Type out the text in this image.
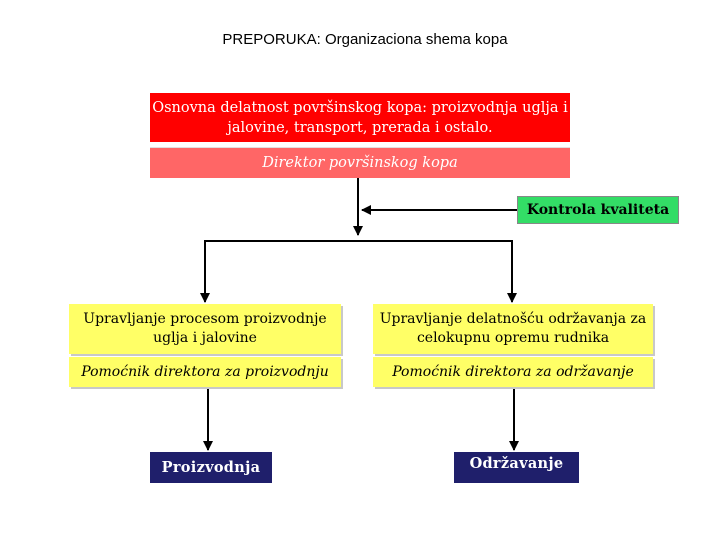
PREPORUKA: Organizaciona shema kopa
Osnovna delatnost površinskog kopa: proizvodnja uglja i jalovine, transport, prerada i ostalo.
Direktor površinskog kopa
Kontrola kvaliteta
Upravljanje procesom proizvodnje uglja i jalovine
Pomoćnik direktora za proizvodnju
Upravljanje delatnošću održavanja za celokupnu opremu rudnika
Pomoćnik direktora za održavanje
Proizvodnja	Održavanje
